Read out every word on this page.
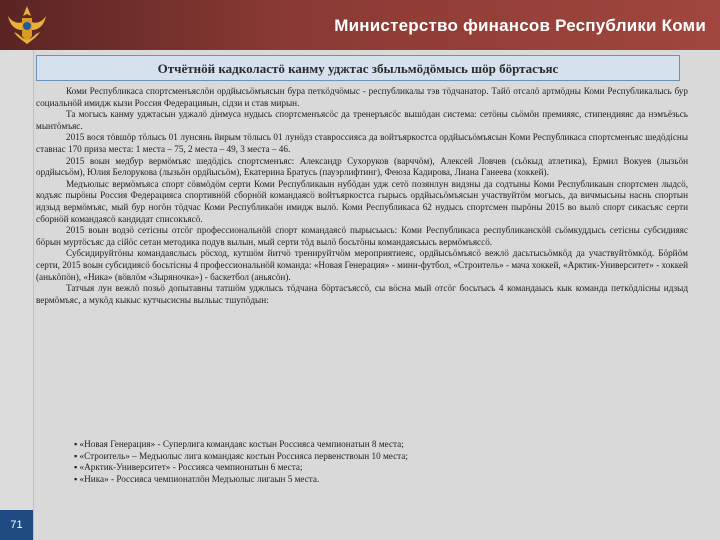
Министерство финансов Республики Коми
71
Отчётнöй кадколастö канму уджтас збыльмöдöмысь шöр бöртасъяс

Коми Республикаса спортсменъяслöн ордйысьöмъясын бура петкöдчöмыс - республикалы тэв тöдчанатор. Тайö отсалö артмöдны Коми Республикалысь бур социальнöй имидж кызи Россия Федерацияын, сідзи и став мирын.

Та могысь канму уджтасын уджалö дінмуса нудысь спортсменъясöс да тренеръясöс вышöдан система: сетöны сьöмöн премияяс, стипендияяс да нэмъёзьсь мынтöмъяс.

2015 вося тöвшöр тöлысь 01 лунсянь йирым тöлысь 01 лунöдз ставроссияса да войтъяркостса ордйысьöмъясын Коми Республикаса спортсменъяс шедöдісны ставнас 170 приза места: 1 места – 75, 2 места – 49, 3 места – 46.

2015 воын медбур вермöмъяс шедöдісь спортсменъяс: Александр Сухоруков (варччöм), Алексей Ловчев (сьöкыд атлетика), Ермил Вокуев (лызьöн ордйысьöм), Юлия Белорукова (лызьöн ордйысьöм), Екатерина Братусь (пауэрлифтинг), Феюза Кадирова, Лиана Ганеева (хоккей).

Медъюлыс вермöмъяса спорт сöвмöдöм серти Коми Республикаын нубöдан удж сетö позянлун видзны да содтыны Коми Республикаын спортсмен лыдсö, кодъяс пырöны Россия Федерацияса спортивнöй сборнöй командаясö войтъяркостса гырысь ордйысьöмъясын участвуйтöм могысь, да вичмысьны наснь спортын идзыд вермöмъяс, мый бур ногöн тöдчас Коми Республикаöн имидж вылö. Коми Республикаса 62 нудысь спортсмен пырöны 2015 во вылö спорт сикасъяс серти сборнöй командаясö кандидат списокъясö.

2015 воын водзö сетісны отсöг профессиональнöй спорт командаясö пырысьысь: Коми Республикаса республиканскöй сьöмкуддысь сетісны субсидияяс бöрын муртöсъяс да сійöс сетан методика подув вылын, мый серти тöд вылö босьтöны командаясьысь вермöмъяссö.

Субсидируйтöны командаяслысь рöсход, кутшöм йитчö тренируйтчöм мероприятиеяс, ордйысьöмъясö вежлö дасьтысьöмкöд да участвуйтöмкöд. Бöрйöм серти, 2015 воын субсидиясö босьтісны 4 профессиональнöй команда: «Новая Генерация» - мини-футбол, «Строитель» - мача хоккей, «Арктик-Университет» - хоккей (анькöпöн), «Ника» (вöвлöм «Зыряночка») - баскетбол (аньясöн).

Татчыя лун вежлö позьö допытавны татшöм уджлысь тöдчана бöртасъяссö, сы вöсна мый отсöг босьтысь 4 командаысь кык команда петкöдлісны идзыд вермöмъяс, а мукöд кыкыс кутчысисны выльыс тшупöдын:

▪ «Новая Генерация» - Суперлига командаяс костын Россияса чемпионатын 8 места;
▪ «Строитель» – Медъюлыс лига командаяс костын Россияса первенствоын 10 места;
▪ «Арктик-Университет» - Россияса чемпионатын 6 места;
▪ «Ника» - Россияса чемпионатлöн Медъюлыс лигаын 5 места.
